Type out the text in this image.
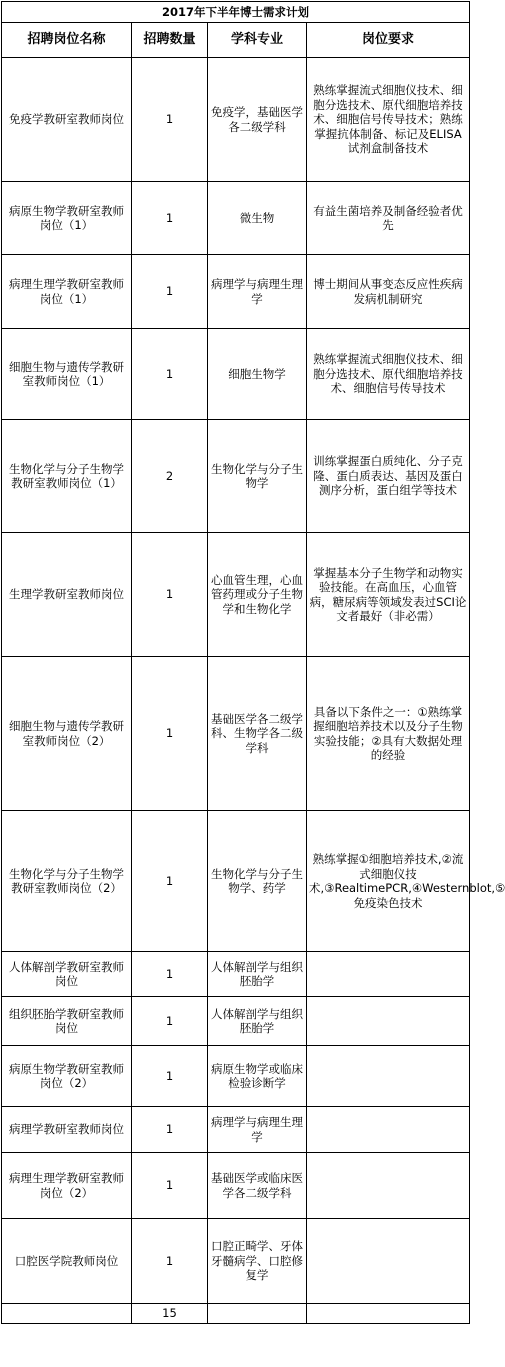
2017年下半年博士需求计划			
招聘岗位名称	招聘数量	学科专业	岗位要求
免疫学教研室教师岗位	1	免疫学，基础医学各二级学科	熟练掌握流式细胞仪技术、细胞分选技术、原代细胞培养技术、细胞信号传导技术；熟练掌握抗体制备、标记及ELISA试剂盒制备技术
病原生物学教研室教师岗位（1）	1	微生物	有益生菌培养及制备经验者优先
病理生理学教研室教师岗位（1）	1	病理学与病理生理学	博士期间从事变态反应性疾病发病机制研究
细胞生物与遗传学教研室教师岗位（1）	1	细胞生物学	熟练掌握流式细胞仪技术、细胞分选技术、原代细胞培养技术、细胞信号传导技术
生物化学与分子生物学教研室教师岗位（1）	2	生物化学与分子生物学	训练掌握蛋白质纯化、分子克隆、蛋白质表达、基因及蛋白测序分析，蛋白组学等技术
生理学教研室教师岗位	1	心血管生理，心血管药理或分子生物学和生物化学	掌握基本分子生物学和动物实验技能。在高血压，心血管病，糖尿病等领域发表过SCI论文者最好（非必需）
细胞生物与遗传学教研室教师岗位（2）	1	基础医学各二级学科、生物学各二级学科	具备以下条件之一：①熟练掌握细胞培养技术以及分子生物实验技能；②具有大数据处理的经验
生物化学与分子生物学教研室教师岗位（2）	1	生物化学与分子生物学、药学	熟练掌握①细胞培养技术,②流式细胞仪技术,③RealtimePCR,④Westernblot,⑤免疫染色技术
人体解剖学教研室教师岗位	1	人体解剖学与组织胚胎学	
组织胚胎学教研室教师岗位	1	人体解剖学与组织胚胎学	
病原生物学教研室教师岗位（2）	1	病原生物学或临床检验诊断学	
病理学教研室教师岗位	1	病理学与病理生理学	
病理生理学教研室教师岗位（2）	1	基础医学或临床医学各二级学科	
口腔医学院教师岗位	1	口腔正畸学、牙体牙髓病学、口腔修复学	
	15		
